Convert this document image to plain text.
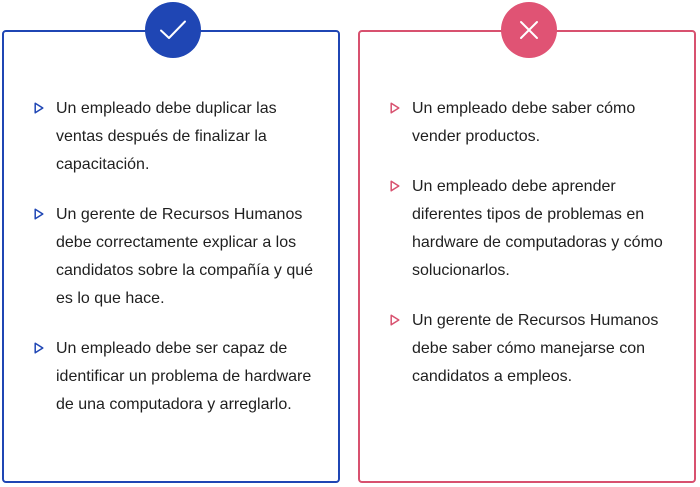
Un empleado debe duplicar las ventas después de finalizar la capacitación.
Un gerente de Recursos Humanos debe correctamente explicar a los candidatos sobre la compañía y qué es lo que hace.
Un empleado debe ser capaz de identificar un problema de hardware de una computadora y arreglarlo.
Un empleado debe saber cómo vender productos.
Un empleado debe aprender diferentes tipos de problemas en hardware de computadoras y cómo solucionarlos.
Un gerente de Recursos Humanos debe saber cómo manejarse con candidatos a empleos.
